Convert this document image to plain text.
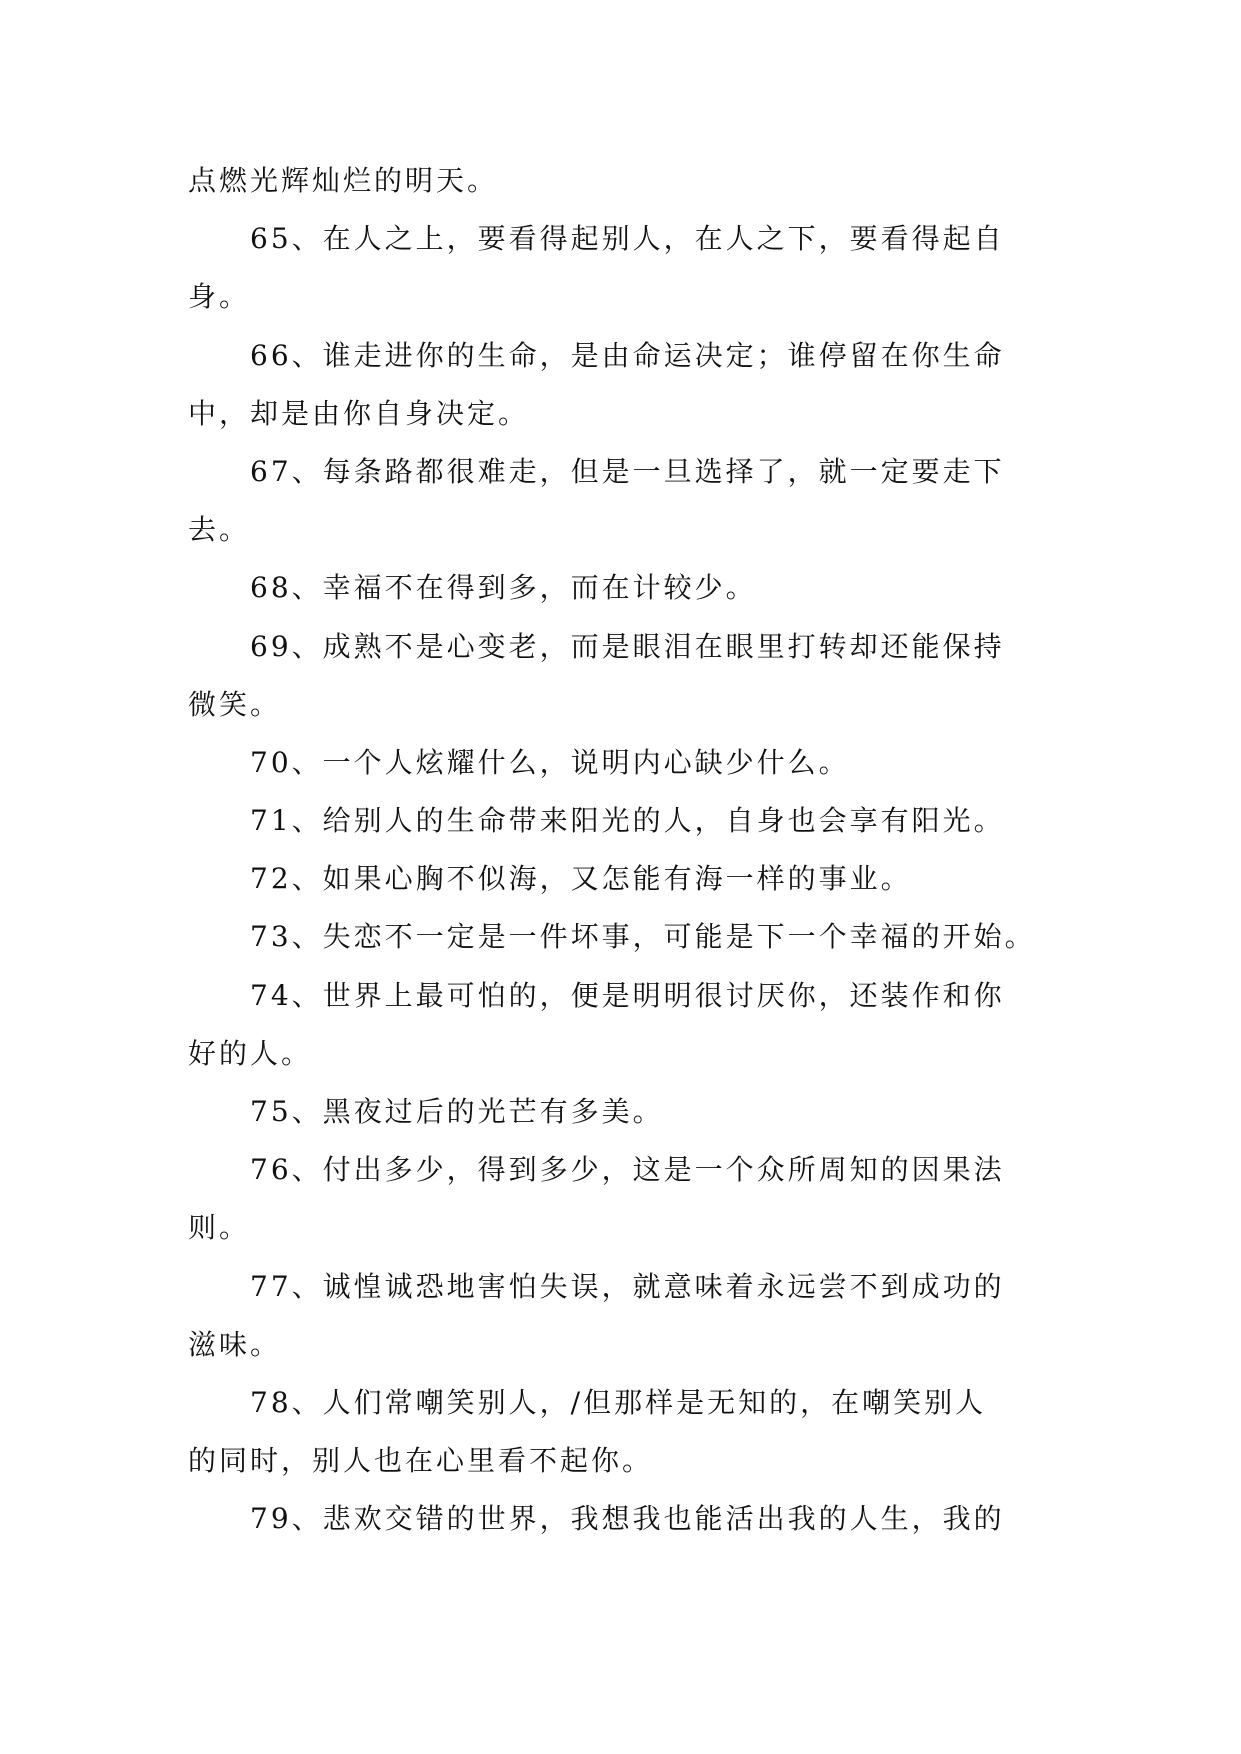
点燃光辉灿烂的明天。
65、在人之上，要看得起别人，在人之下，要看得起自
身。
66、谁走进你的生命，是由命运决定；谁停留在你生命
中，却是由你自身决定。
67、每条路都很难走，但是一旦选择了，就一定要走下
去。
68、幸福不在得到多，而在计较少。
69、成熟不是心变老，而是眼泪在眼里打转却还能保持
微笑。
70、一个人炫耀什么，说明内心缺少什么。
71、给别人的生命带来阳光的人，自身也会享有阳光。
72、如果心胸不似海，又怎能有海一样的事业。
73、失恋不一定是一件坏事，可能是下一个幸福的开始。
74、世界上最可怕的，便是明明很讨厌你，还装作和你
好的人。
75、黑夜过后的光芒有多美。
76、付出多少，得到多少，这是一个众所周知的因果法
则。
77、诚惶诚恐地害怕失误，就意味着永远尝不到成功的
滋味。
78、人们常嘲笑别人，/但那样是无知的，在嘲笑别人
的同时，别人也在心里看不起你。
79、悲欢交错的世界，我想我也能活出我的人生，我的
